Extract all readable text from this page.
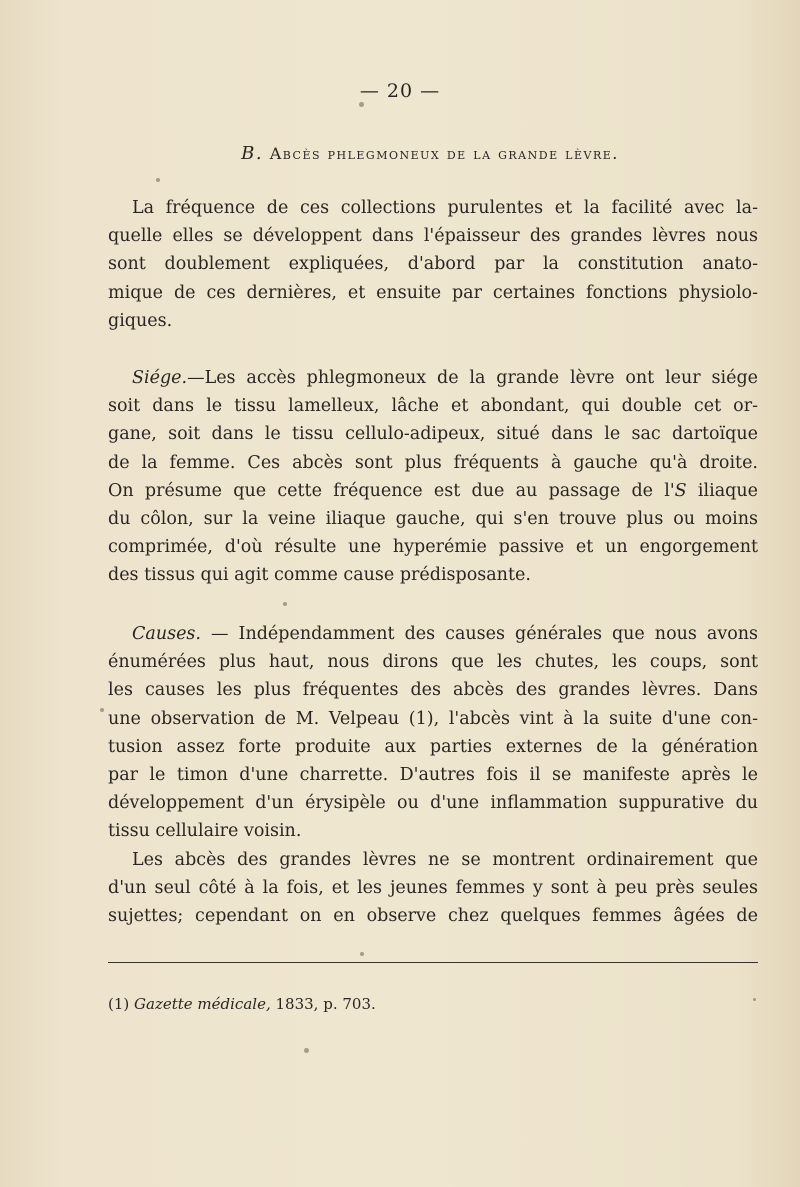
— 20 —
B. Abcès phlegmoneux de la grande lèvre.
La fréquence de ces collections purulentes et la facilité avec la-
quelle elles se développent dans l'épaisseur des grandes lèvres nous
sont doublement expliquées, d'abord par la constitution anato-
mique de ces dernières, et ensuite par certaines fonctions physiolo-
giques.
Siége.—Les accès phlegmoneux de la grande lèvre ont leur siége
soit dans le tissu lamelleux, lâche et abondant, qui double cet or-
gane, soit dans le tissu cellulo-adipeux, situé dans le sac dartoïque
de la femme. Ces abcès sont plus fréquents à gauche qu'à droite.
On présume que cette fréquence est due au passage de l'S iliaque
du côlon, sur la veine iliaque gauche, qui s'en trouve plus ou moins
comprimée, d'où résulte une hyperémie passive et un engorgement
des tissus qui agit comme cause prédisposante.
Causes. — Indépendamment des causes générales que nous avons
énumérées plus haut, nous dirons que les chutes, les coups, sont
les causes les plus fréquentes des abcès des grandes lèvres. Dans
une observation de M. Velpeau (1), l'abcès vint à la suite d'une con-
tusion assez forte produite aux parties externes de la génération
par le timon d'une charrette. D'autres fois il se manifeste après le
développement d'un érysipèle ou d'une inflammation suppurative du
tissu cellulaire voisin.
Les abcès des grandes lèvres ne se montrent ordinairement que
d'un seul côté à la fois, et les jeunes femmes y sont à peu près seules
sujettes; cependant on en observe chez quelques femmes âgées de
(1) Gazette médicale, 1833, p. 703.
